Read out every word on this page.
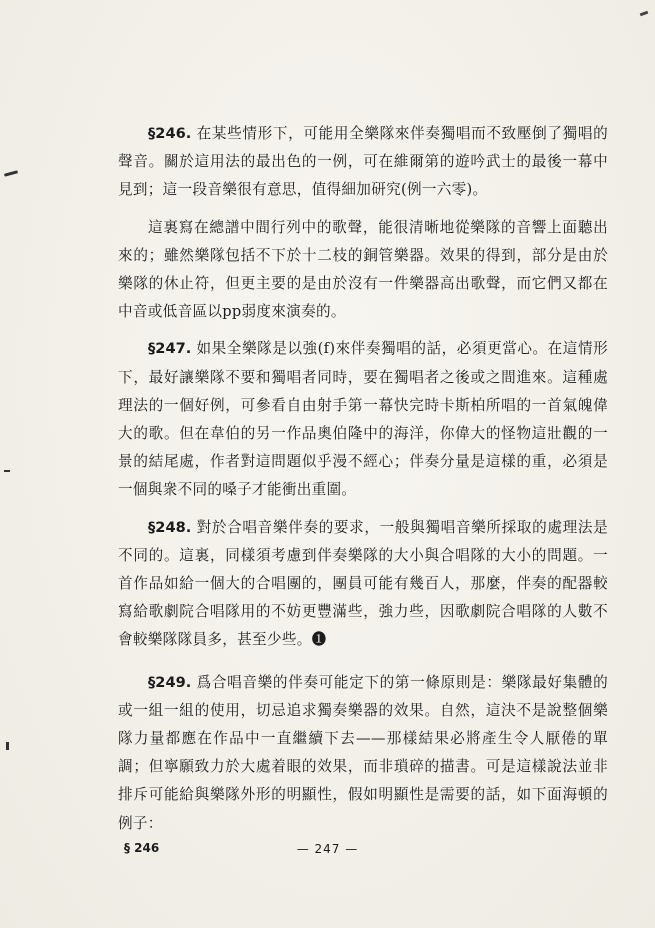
§246. 在某些情形下，可能用全樂隊來伴奏獨唱而不致壓倒了獨唱的聲音。關於這用法的最出色的一例，可在維爾第的遊吟武士的最後一幕中見到；這一段音樂很有意思，值得細加研究(例一六零)。

這裏寫在總譜中間行列中的歌聲，能很清晰地從樂隊的音響上面聽出來的；雖然樂隊包括不下於十二枝的銅管樂器。效果的得到，部分是由於樂隊的休止符，但更主要的是由於沒有一件樂器高出歌聲，而它們又都在中音或低音區以pp弱度來演奏的。

§247. 如果全樂隊是以強(f)來伴奏獨唱的話，必須更當心。在這情形下，最好讓樂隊不要和獨唱者同時，要在獨唱者之後或之間進來。這種處理法的一個好例，可參看自由射手第一幕快完時卡斯柏所唱的一首氣魄偉大的歌。但在韋伯的另一作品奧伯隆中的海洋，你偉大的怪物這壯觀的一景的結尾處，作者對這問題似乎漫不經心；伴奏分量是這樣的重，必須是一個與衆不同的嗓子才能衝出重圍。

§248. 對於合唱音樂伴奏的要求，一般與獨唱音樂所採取的處理法是不同的。這裏，同樣須考慮到伴奏樂隊的大小與合唱隊的大小的問題。一首作品如給一個大的合唱團的，團員可能有幾百人，那麼，伴奏的配器較寫給歌劇院合唱隊用的不妨更豐滿些，強力些，因歌劇院合唱隊的人數不會較樂隊隊員多，甚至少些。❶

§249. 爲合唱音樂的伴奏可能定下的第一條原則是：樂隊最好集體的或一組一組的使用，切忌追求獨奏樂器的效果。自然，這決不是說整個樂隊力量都應在作品中一直繼續下去——那樣結果必將產生令人厭倦的單調；但寧願致力於大處着眼的效果，而非瑣碎的描書。可是這樣說法並非排斥可能給與樂隊外形的明顯性，假如明顯性是需要的話，如下面海頓的例子：

§ 246	— 247 —
